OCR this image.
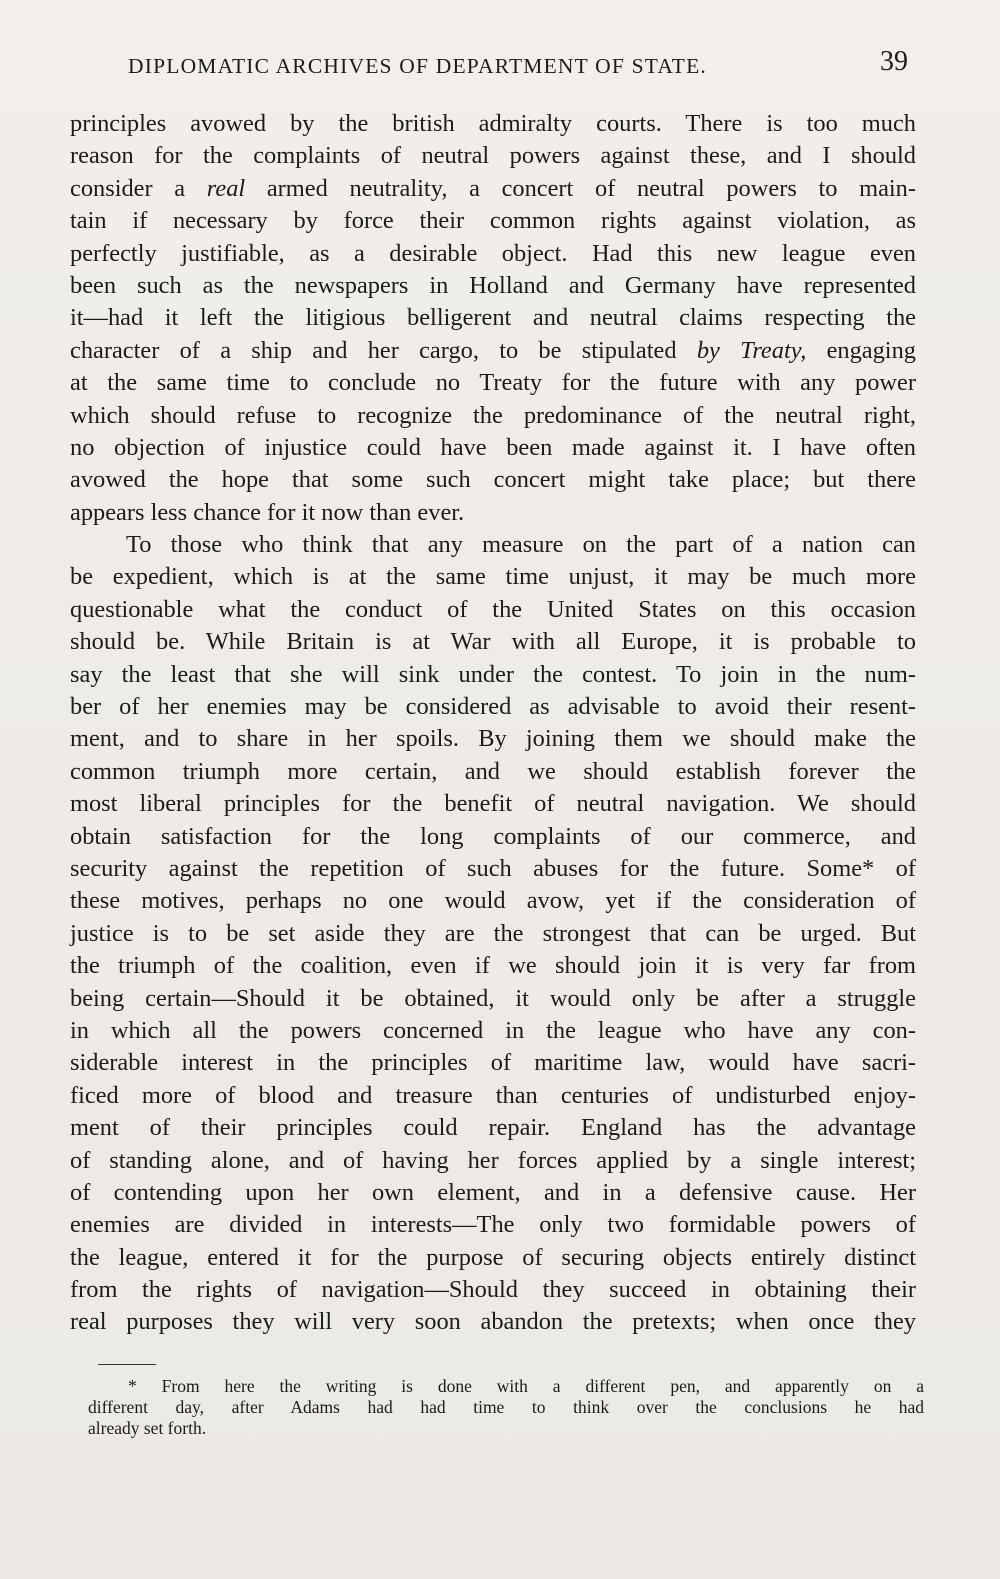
DIPLOMATIC ARCHIVES OF DEPARTMENT OF STATE.	39
principles avowed by the british admiralty courts. There is too much
reason for the complaints of neutral powers against these, and I should
consider a real armed neutrality, a concert of neutral powers to main-
tain if necessary by force their common rights against violation, as
perfectly justifiable, as a desirable object. Had this new league even
been such as the newspapers in Holland and Germany have represented
it—had it left the litigious belligerent and neutral claims respecting the
character of a ship and her cargo, to be stipulated by Treaty, engaging
at the same time to conclude no Treaty for the future with any power
which should refuse to recognize the predominance of the neutral right,
no objection of injustice could have been made against it. I have often
avowed the hope that some such concert might take place; but there
appears less chance for it now than ever.
To those who think that any measure on the part of a nation can
be expedient, which is at the same time unjust, it may be much more
questionable what the conduct of the United States on this occasion
should be. While Britain is at War with all Europe, it is probable to
say the least that she will sink under the contest. To join in the num-
ber of her enemies may be considered as advisable to avoid their resent-
ment, and to share in her spoils. By joining them we should make the
common triumph more certain, and we should establish forever the
most liberal principles for the benefit of neutral navigation. We should
obtain satisfaction for the long complaints of our commerce, and
security against the repetition of such abuses for the future. Some* of
these motives, perhaps no one would avow, yet if the consideration of
justice is to be set aside they are the strongest that can be urged. But
the triumph of the coalition, even if we should join it is very far from
being certain—Should it be obtained, it would only be after a struggle
in which all the powers concerned in the league who have any con-
siderable interest in the principles of maritime law, would have sacri-
ficed more of blood and treasure than centuries of undisturbed enjoy-
ment of their principles could repair. England has the advantage
of standing alone, and of having her forces applied by a single interest;
of contending upon her own element, and in a defensive cause. Her
enemies are divided in interests—The only two formidable powers of
the league, entered it for the purpose of securing objects entirely distinct
from the rights of navigation—Should they succeed in obtaining their
real purposes they will very soon abandon the pretexts; when once they
* From here the writing is done with a different pen, and apparently on a
different day, after Adams had had time to think over the conclusions he had
already set forth.
